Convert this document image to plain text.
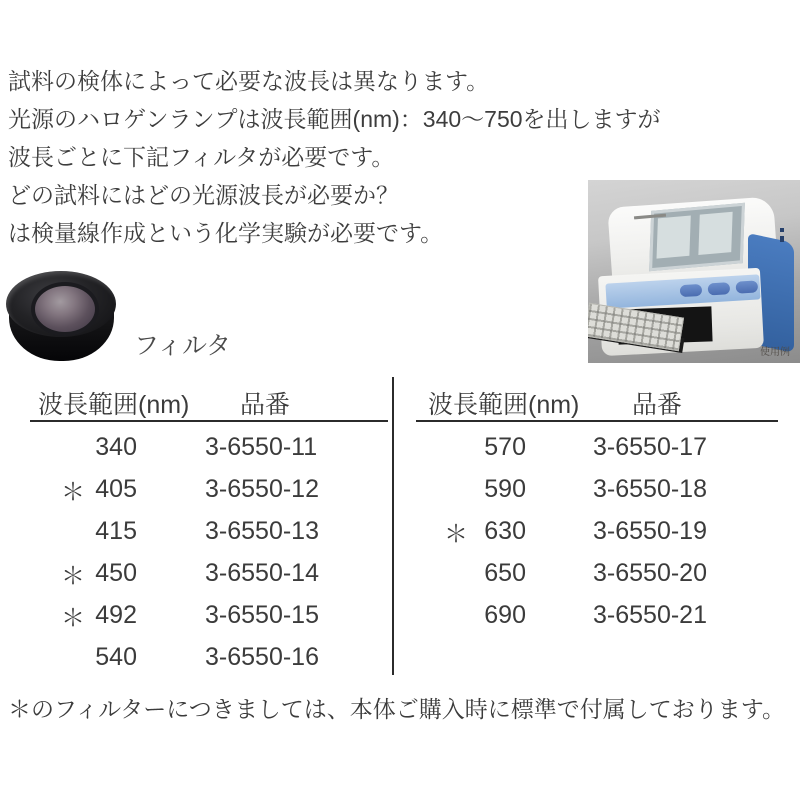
試料の検体によって必要な波長は異なります。
光源のハロゲンランプは波長範囲(nm)：340～750を出しますが
波長ごとに下記フィルタが必要です。
どの試料にはどの光源波長が必要か？
は検量線作成という化学実験が必要です。
フィルタ	使用例
波長範囲(nm) 品番
340	3-6550-11
＊ 405	3-6550-12
415	3-6550-13
＊ 450	3-6550-14
＊ 492	3-6550-15
540	3-6550-16
波長範囲(nm) 品番
570	3-6550-17
590	3-6550-18
＊ 630	3-6550-19
650	3-6550-20
690	3-6550-21
＊のフィルターにつきましては、本体ご購入時に標準で付属しております。
